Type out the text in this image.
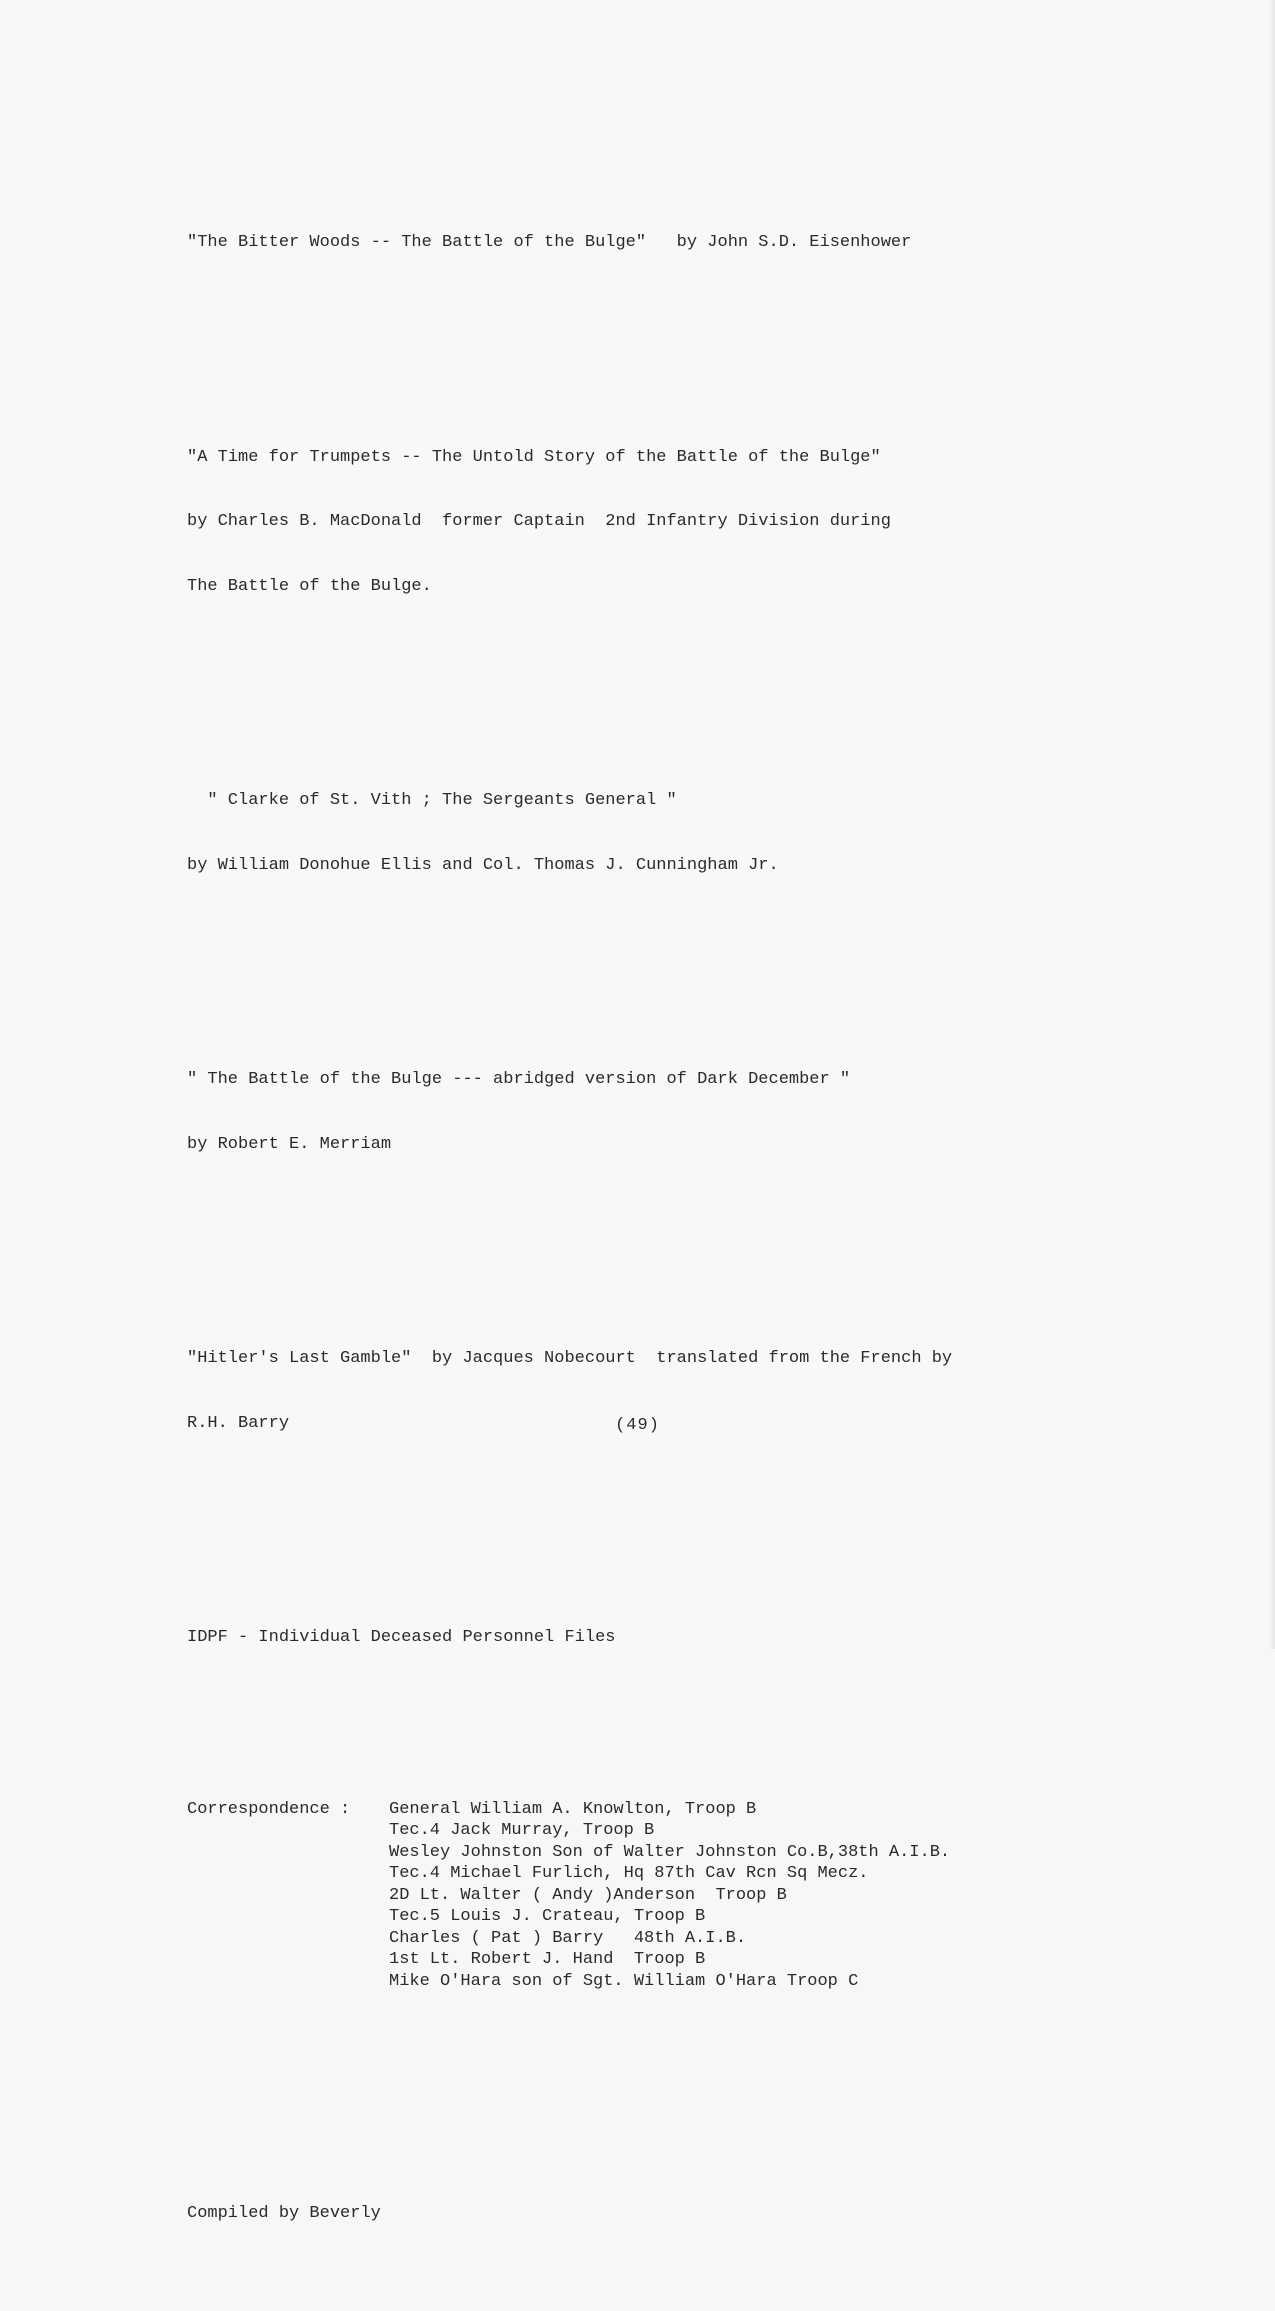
"The Bitter Woods -- The Battle of the Bulge"   by John S.D. Eisenhower

"A Time for Trumpets -- The Untold Story of the Battle of the Bulge"

by Charles B. MacDonald  former Captain  2nd Infantry Division during

The Battle of the Bulge.

" Clarke of St. Vith ; The Sergeants General "

by William Donohue Ellis and Col. Thomas J. Cunningham Jr.

" The Battle of the Bulge --- abridged version of Dark December "

by Robert E. Merriam

"Hitler's Last Gamble"  by Jacques Nobecourt  translated from the French by

R.H. Barry

IDPF - Individual Deceased Personnel Files

Correspondence :	General William A. Knowlton, Troop B
Tec.4 Jack Murray, Troop B
Wesley Johnston Son of Walter Johnston Co.B,38th A.I.B.
Tec.4 Michael Furlich, Hq 87th Cav Rcn Sq Mecz.
2D Lt. Walter ( Andy )Anderson  Troop B
Tec.5 Louis J. Crateau, Troop B
Charles ( Pat ) Barry   48th A.I.B.
1st Lt. Robert J. Hand  Troop B
Mike O'Hara son of Sgt. William O'Hara Troop C

Compiled by Beverly

(49)
